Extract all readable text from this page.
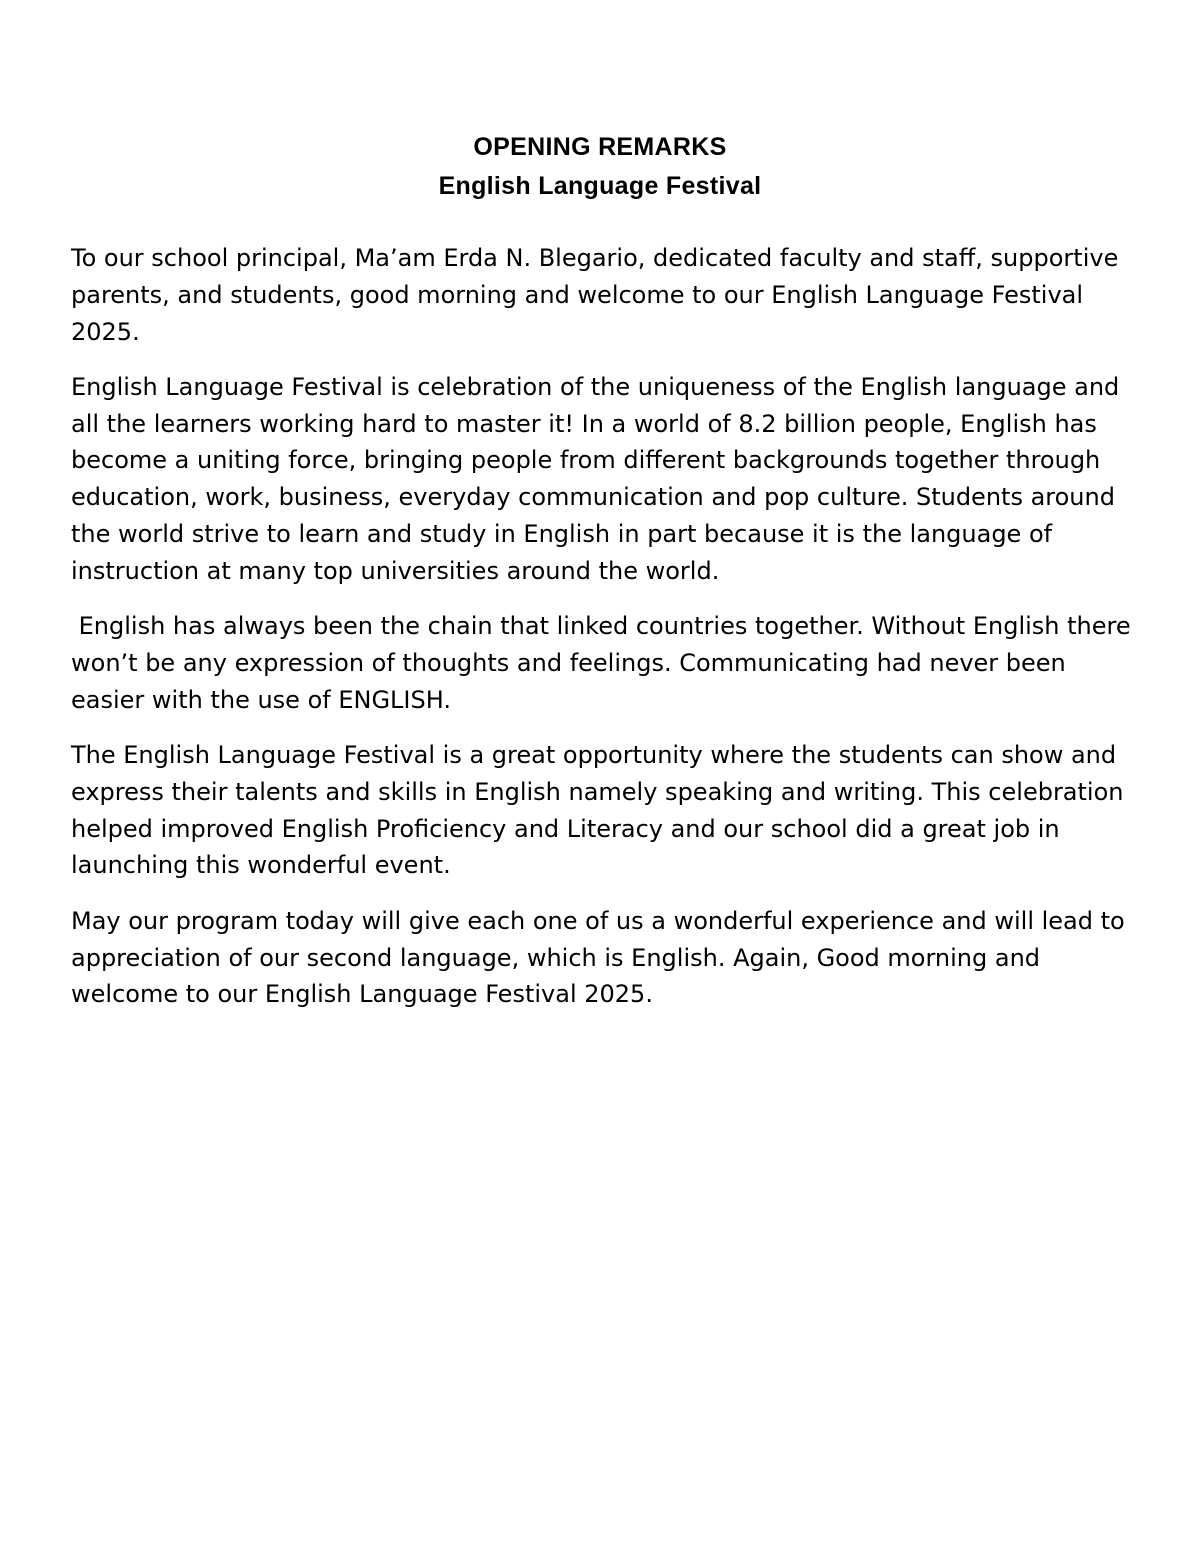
OPENING REMARKS
English Language Festival

To our school principal, Ma’am Erda N. Blegario, dedicated faculty and staff, supportive parents, and students, good morning and welcome to our English Language Festival 2025.

English Language Festival is celebration of the uniqueness of the English language and all the learners working hard to master it! In a world of 8.2 billion people, English has become a uniting force, bringing people from different backgrounds together through education, work, business, everyday communication and pop culture. Students around the world strive to learn and study in English in part because it is the language of instruction at many top universities around the world.

English has always been the chain that linked countries together. Without English there won’t be any expression of thoughts and feelings. Communicating had never been easier with the use of ENGLISH.

The English Language Festival is a great opportunity where the students can show and express their talents and skills in English namely speaking and writing. This celebration helped improved English Proficiency and Literacy and our school did a great job in launching this wonderful event.

May our program today will give each one of us a wonderful experience and will lead to appreciation of our second language, which is English. Again, Good morning and welcome to our English Language Festival 2025.
